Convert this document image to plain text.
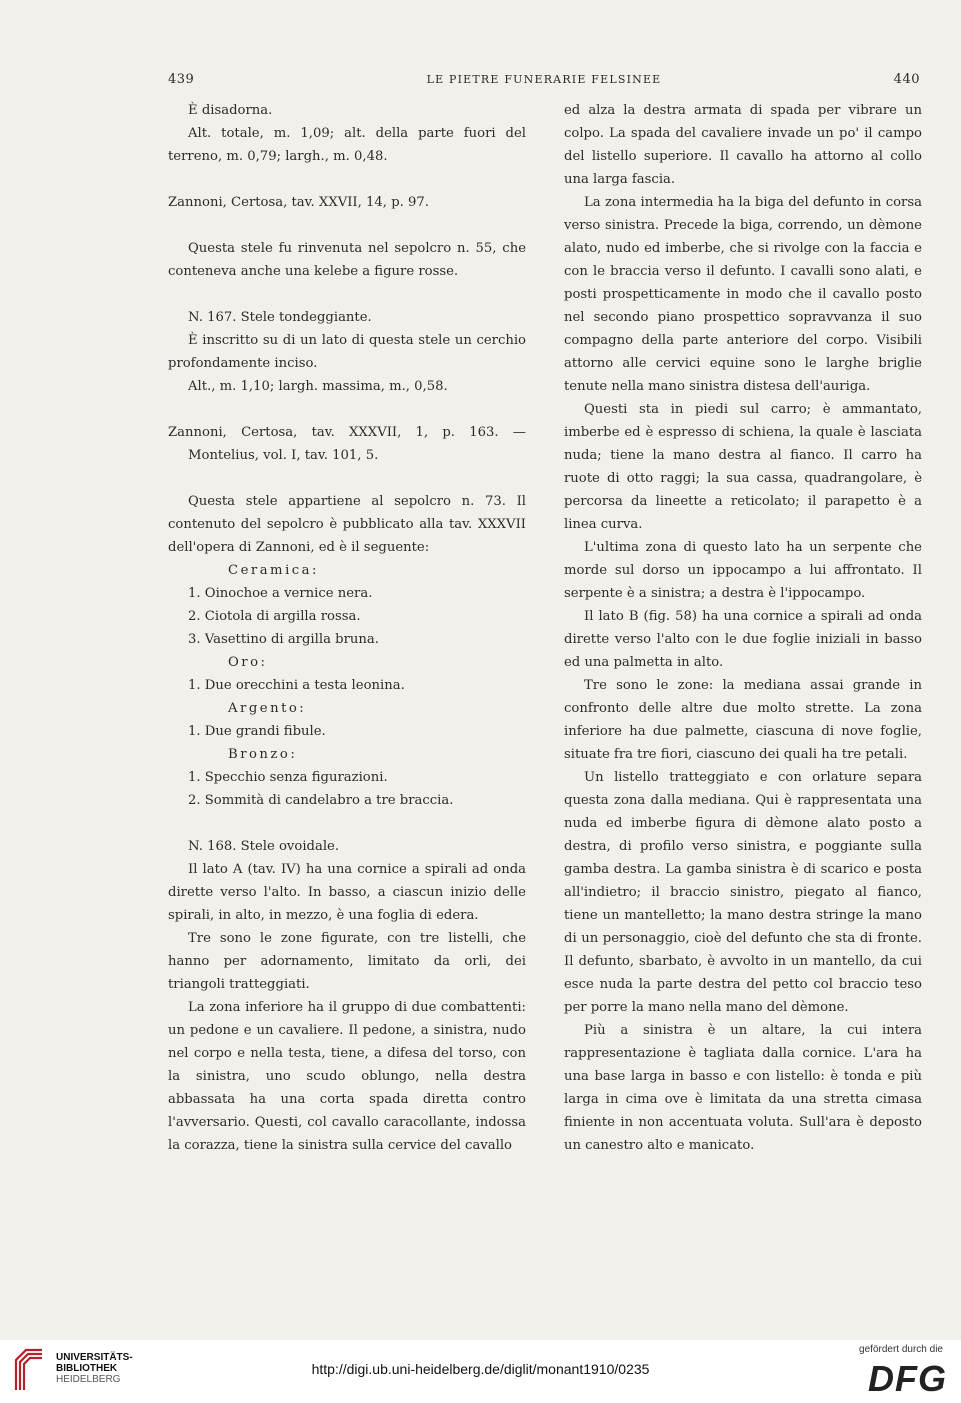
439	LE PIETRE FUNERARIE FELSINEE	440

È disadorna.

Alt. totale, m. 1,09; alt. della parte fuori del terreno, m. 0,79; largh., m. 0,48.

Zannoni, Certosa, tav. XXVII, 14, p. 97.

Questa stele fu rinvenuta nel sepolcro n. 55, che conteneva anche una kelebe a figure rosse.

N. 167. Stele tondeggiante.

È inscritto su di un lato di questa stele un cerchio profondamente inciso.

Alt., m. 1,10; largh. massima, m., 0,58.

Zannoni, Certosa, tav. XXXVII, 1, p. 163. — Montelius, vol. I, tav. 101, 5.

Questa stele appartiene al sepolcro n. 73. Il contenuto del sepolcro è pubblicato alla tav. XXXVII dell'opera di Zannoni, ed è il seguente:

Ceramica:

1. Oinochoe a vernice nera.

2. Ciotola di argilla rossa.

3. Vasettino di argilla bruna.

Oro:

1. Due orecchini a testa leonina.

Argento:

1. Due grandi fibule.

Bronzo:

1. Specchio senza figurazioni.

2. Sommità di candelabro a tre braccia.

N. 168. Stele ovoidale.

Il lato A (tav. IV) ha una cornice a spirali ad onda dirette verso l'alto. In basso, a ciascun inizio delle spirali, in alto, in mezzo, è una foglia di edera.

Tre sono le zone figurate, con tre listelli, che hanno per adornamento, limitato da orli, dei triangoli tratteggiati.

La zona inferiore ha il gruppo di due combattenti: un pedone e un cavaliere. Il pedone, a sinistra, nudo nel corpo e nella testa, tiene, a difesa del torso, con la sinistra, uno scudo oblungo, nella destra abbassata ha una corta spada diretta contro l'avversario. Questi, col cavallo caracollante, indossa la corazza, tiene la sinistra sulla cervice del cavallo

ed alza la destra armata di spada per vibrare un colpo. La spada del cavaliere invade un po' il campo del listello superiore. Il cavallo ha attorno al collo una larga fascia.

La zona intermedia ha la biga del defunto in corsa verso sinistra. Precede la biga, correndo, un dèmone alato, nudo ed imberbe, che si rivolge con la faccia e con le braccia verso il defunto. I cavalli sono alati, e posti prospetticamente in modo che il cavallo posto nel secondo piano prospettico sopravvanza il suo compagno della parte anteriore del corpo. Visibili attorno alle cervici equine sono le larghe briglie tenute nella mano sinistra distesa dell'auriga.

Questi sta in piedi sul carro; è ammantato, imberbe ed è espresso di schiena, la quale è lasciata nuda; tiene la mano destra al fianco. Il carro ha ruote di otto raggi; la sua cassa, quadrangolare, è percorsa da lineette a reticolato; il parapetto è a linea curva.

L'ultima zona di questo lato ha un serpente che morde sul dorso un ippocampo a lui affrontato. Il serpente è a sinistra; a destra è l'ippocampo.

Il lato B (fig. 58) ha una cornice a spirali ad onda dirette verso l'alto con le due foglie iniziali in basso ed una palmetta in alto.

Tre sono le zone: la mediana assai grande in confronto delle altre due molto strette. La zona inferiore ha due palmette, ciascuna di nove foglie, situate fra tre fiori, ciascuno dei quali ha tre petali.

Un listello tratteggiato e con orlature separa questa zona dalla mediana. Qui è rappresentata una nuda ed imberbe figura di dèmone alato posto a destra, di profilo verso sinistra, e poggiante sulla gamba destra. La gamba sinistra è di scarico e posta all'indietro; il braccio sinistro, piegato al fianco, tiene un mantelletto; la mano destra stringe la mano di un personaggio, cioè del defunto che sta di fronte. Il defunto, sbarbato, è avvolto in un mantello, da cui esce nuda la parte destra del petto col braccio teso per porre la mano nella mano del dèmone.

Più a sinistra è un altare, la cui intera rappresentazione è tagliata dalla cornice. L'ara ha una base larga in basso e con listello: è tonda e più larga in cima ove è limitata da una stretta cimasa finiente in non accentuata voluta. Sull'ara è deposto un canestro alto e manicato.

UNIVERSITÄTS-
BIBLIOTHEK
HEIDELBERG
http://digi.ub.uni-heidelberg.de/diglit/monant1910/0235
gefördert durch die
DFG
